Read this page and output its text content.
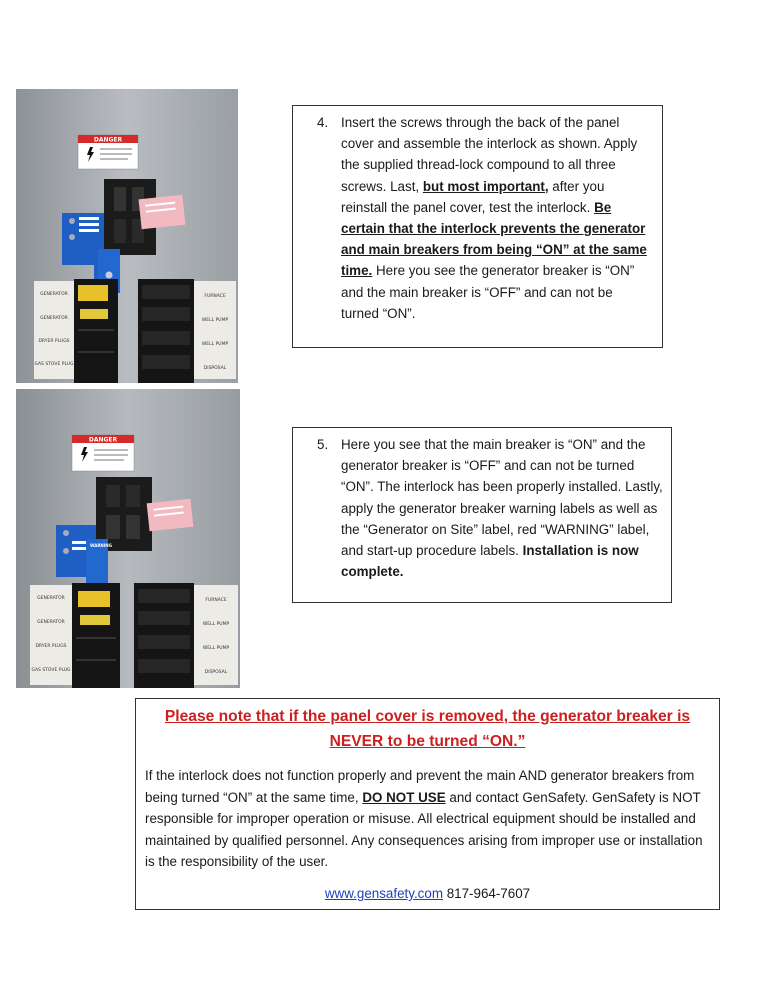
DANGER
GENERATOR
GENERATOR
DRYER PLUGS
GAS STOVE PLUG
FURNACE
WELL PUMP
WELL PUMP
DISPOSAL
DANGER
WARNING
GENERATOR
GENERATOR
DRYER PLUGS
GAS STOVE PLUG
FURNACE
WELL PUMP
WELL PUMP
DISPOSAL
4. Insert the screws through the back of the panel cover and assemble the interlock as shown. Apply the supplied thread-lock compound to all three screws. Last, but most important, after you reinstall the panel cover, test the interlock. Be certain that the interlock prevents the generator and main breakers from being “ON” at the same time. Here you see the generator breaker is “ON” and the main breaker is “OFF” and can not be turned “ON”.
5. Here you see that the main breaker is “ON” and the generator breaker is “OFF” and can not be turned “ON”. The interlock has been properly installed. Lastly, apply the generator breaker warning labels as well as the “Generator on Site” label, red “WARNING” label, and start-up procedure labels. Installation is now complete.
Please note that if the panel cover is removed, the generator breaker is
NEVER to be turned “ON.”
If the interlock does not function properly and prevent the main AND generator breakers from being turned “ON” at the same time, DO NOT USE and contact GenSafety. GenSafety is NOT responsible for improper operation or misuse. All electrical equipment should be installed and maintained by qualified personnel. Any consequences arising from improper use or installation is the responsibility of the user.
www.gensafety.com 817-964-7607
